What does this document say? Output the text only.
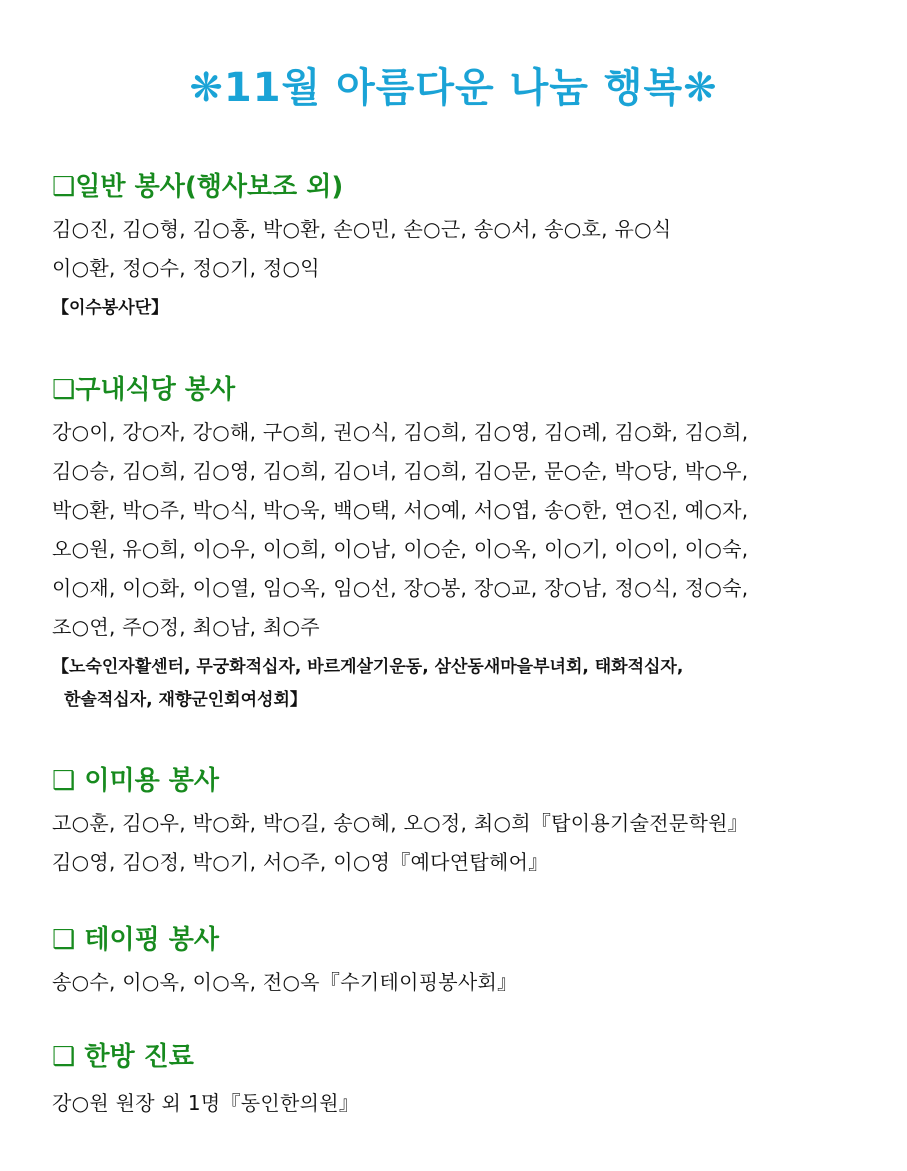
❋11월 아름다운 나눔 행복❋
❑일반 봉사(행사보조 외)
김○진, 김○형, 김○홍, 박○환, 손○민, 손○근, 송○서, 송○호, 유○식
이○환, 정○수, 정○기, 정○익
【이수봉사단】
❑구내식당 봉사
강○이, 강○자, 강○해, 구○희, 권○식, 김○희, 김○영, 김○례, 김○화, 김○희,
김○승, 김○희, 김○영, 김○희, 김○녀, 김○희, 김○문, 문○순, 박○당, 박○우,
박○환, 박○주, 박○식, 박○욱, 백○택, 서○예, 서○엽, 송○한, 연○진, 예○자,
오○원, 유○희, 이○우, 이○희, 이○남, 이○순, 이○옥, 이○기, 이○이, 이○숙,
이○재, 이○화, 이○열, 임○옥, 임○선, 장○봉, 장○교, 장○남, 정○식, 정○숙,
조○연, 주○정, 최○남, 최○주
【노숙인자활센터, 무궁화적십자, 바르게살기운동, 삼산동새마을부녀회, 태화적십자,
한솔적십자, 재향군인회여성회】
❑ 이미용 봉사
고○훈, 김○우, 박○화, 박○길, 송○혜, 오○정, 최○희『탑이용기술전문학원』
김○영, 김○정, 박○기, 서○주, 이○영『예다연탑헤어』
❑ 테이핑 봉사
송○수, 이○옥, 이○옥, 전○옥『수기테이핑봉사회』
❑ 한방 진료
강○원 원장 외 1명『동인한의원』
